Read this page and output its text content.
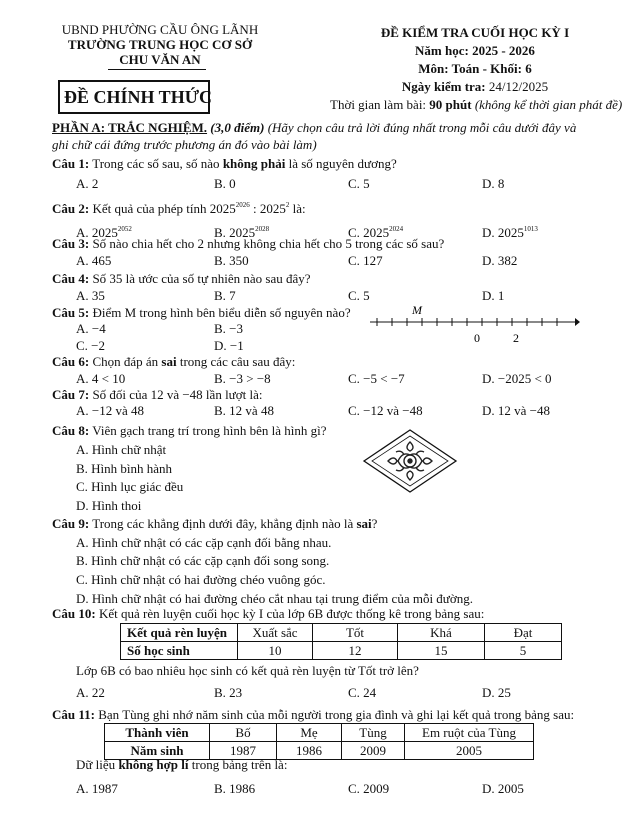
UBND PHƯỜNG CẦU ÔNG LÃNH
TRƯỜNG TRUNG HỌC CƠ SỞ
CHU VĂN AN
ĐỀ CHÍNH THỨC
ĐỀ KIỂM TRA CUỐI HỌC KỲ I
Năm học: 2025 - 2026
Môn: Toán - Khối: 6
Ngày kiểm tra: 24/12/2025
Thời gian làm bài: 90 phút (không kể thời gian phát đề)
PHẦN A: TRẮC NGHIỆM. (3,0 điểm) (Hãy chọn câu trả lời đúng nhất trong mỗi câu dưới đây và
ghi chữ cái đứng trước phương án đó vào bài làm)
Câu 1: Trong các số sau, số nào không phải là số nguyên dương?
A. 2	B. 0	C. 5	D. 8
Câu 2: Kết quả của phép tính $2025^{2026}$ : 2025$^2$ là:
A. $2025^{2052}$	B. $2025^{2028}$	C. $2025^{2024}$	D. $2025^{1013}$
Câu 3: Số nào chia hết cho 2 nhưng không chia hết cho 5 trong các số sau?
A. 465	B. 350	C. 127	D. 382
Câu 4: Số 35 là ước của số tự nhiên nào sau đây?
A. 35	B. 7	C. 5	D. 1
Câu 5: Điểm M trong hình bên biểu diễn số nguyên nào?
A. −4	B. −3
C. −2	D. −1
M
0	2
Câu 6: Chọn đáp án sai trong các câu sau đây:
A. 4 < 10	B. −3 > −8	C. −5 < −7	D. −2025 < 0
Câu 7: Số đối của 12 và −48 lần lượt là:
A. −12 và 48	B. 12 và 48	C. −12 và −48	D. 12 và −48
Câu 8: Viên gạch trang trí trong hình bên là hình gì?
A. Hình chữ nhật
B. Hình bình hành
C. Hình lục giác đều
D. Hình thoi
Câu 9: Trong các khẳng định dưới đây, khẳng định nào là sai?
A. Hình chữ nhật có các cặp cạnh đối bằng nhau.
B. Hình chữ nhật có các cặp cạnh đối song song.
C. Hình chữ nhật có hai đường chéo vuông góc.
D. Hình chữ nhật có hai đường chéo cắt nhau tại trung điểm của mỗi đường.
Câu 10: Kết quả rèn luyện cuối học kỳ I của lớp 6B được thống kê trong bảng sau:
Kết quả rèn luyện	Xuất sắc	Tốt	Khá	Đạt
Số học sinh	10	12	15	5
Lớp 6B có bao nhiêu học sinh có kết quả rèn luyện từ Tốt trở lên?
A. 22	B. 23	C. 24	D. 25
Câu 11: Bạn Tùng ghi nhớ năm sinh của mỗi người trong gia đình và ghi lại kết quả trong bảng sau:
Thành viên	Bố	Mẹ	Tùng	Em ruột của Tùng
Năm sinh	1987	1986	2009	2005
Dữ liệu không hợp lí trong bảng trên là:
A. 1987	B. 1986	C. 2009	D. 2005
